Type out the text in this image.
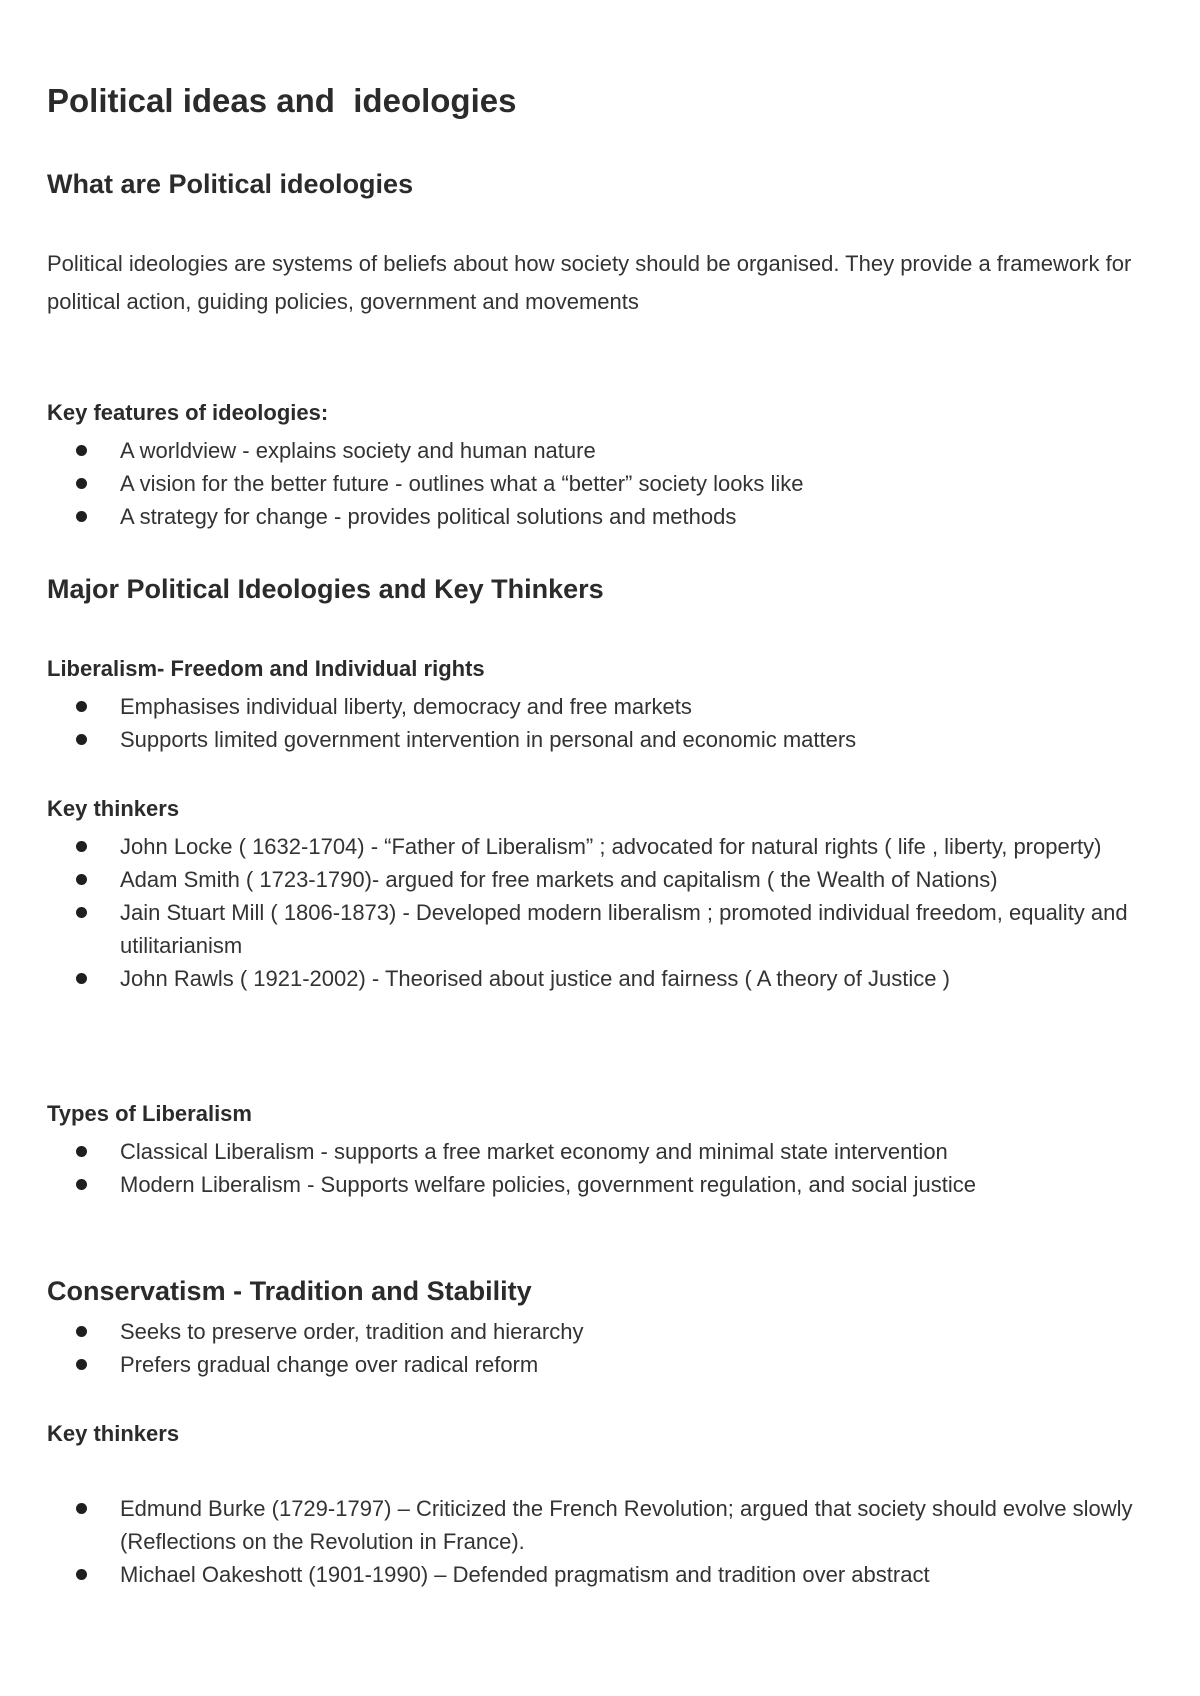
Political ideas and  ideologies
What are Political ideologies

Political ideologies are systems of beliefs about how society should be organised. They provide a framework for political action, guiding policies, government and movements

Key features of ideologies:
A worldview - explains society and human nature
A vision for the better future - outlines what a “better” society looks like
A strategy for change - provides political solutions and methods
Major Political Ideologies and Key Thinkers
Liberalism- Freedom and Individual rights
Emphasises individual liberty, democracy and free markets
Supports limited government intervention in personal and economic matters
Key thinkers
John Locke ( 1632-1704) - “Father of Liberalism” ; advocated for natural rights ( life , liberty, property)
Adam Smith ( 1723-1790)- argued for free markets and capitalism ( the Wealth of Nations)
Jain Stuart Mill ( 1806-1873) - Developed modern liberalism ; promoted individual freedom, equality and utilitarianism
John Rawls ( 1921-2002) - Theorised about justice and fairness ( A theory of Justice )
Types of Liberalism
Classical Liberalism - supports a free market economy and minimal state intervention
Modern Liberalism - Supports welfare policies, government regulation, and social justice
Conservatism - Tradition and Stability
Seeks to preserve order, tradition and hierarchy
Prefers gradual change over radical reform
Key thinkers
Edmund Burke (1729-1797) – Criticized the French Revolution; argued that society should evolve slowly (Reflections on the Revolution in France).
Michael Oakeshott (1901-1990) – Defended pragmatism and tradition over abstract
